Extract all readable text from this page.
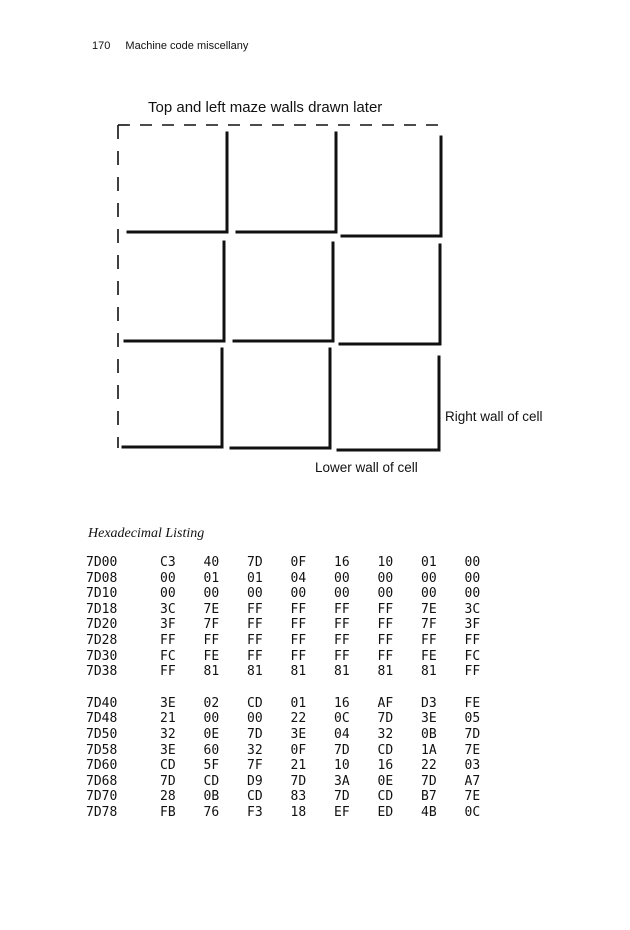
170 Machine code miscellany
Top and left maze walls drawn later
Right wall of cell
Lower wall of cell
Hexadecimal Listing
7D00	C3	40	7D	0F	16	10	01	00
7D08	00	01	01	04	00	00	00	00
7D10	00	00	00	00	00	00	00	00
7D18	3C	7E	FF	FF	FF	FF	7E	3C
7D20	3F	7F	FF	FF	FF	FF	7F	3F
7D28	FF	FF	FF	FF	FF	FF	FF	FF
7D30	FC	FE	FF	FF	FF	FF	FE	FC
7D38	FF	81	81	81	81	81	81	FF

7D40	3E	02	CD	01	16	AF	D3	FE
7D48	21	00	00	22	0C	7D	3E	05
7D50	32	0E	7D	3E	04	32	0B	7D
7D58	3E	60	32	0F	7D	CD	1A	7E
7D60	CD	5F	7F	21	10	16	22	03
7D68	7D	CD	D9	7D	3A	0E	7D	A7
7D70	28	0B	CD	83	7D	CD	B7	7E
7D78	FB	76	F3	18	EF	ED	4B	0C
